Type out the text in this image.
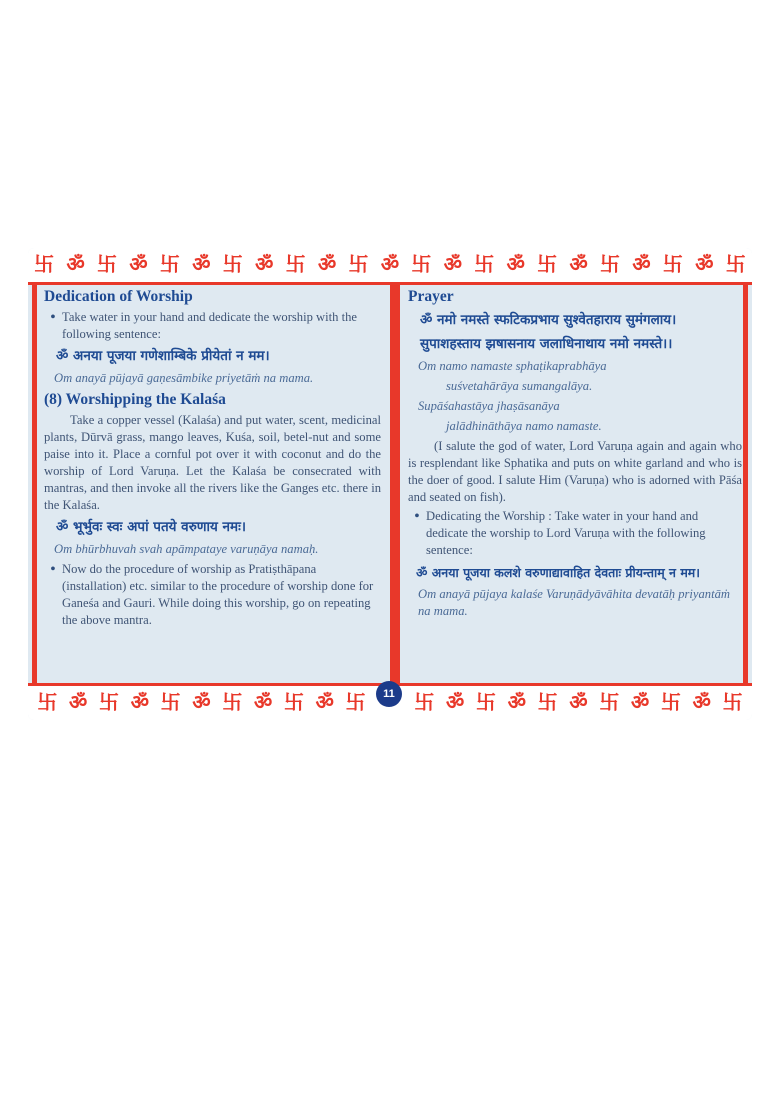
卐 ॐ 卐 ॐ 卐 ॐ 卐 ॐ 卐 ॐ 卐 ॐ 卐 ॐ 卐 ॐ 卐 ॐ 卐 ॐ 卐 ॐ 卐
Dedication of Worship
• Take water in your hand and dedicate the worship with the following sentence:
ॐ अनया पूजया गणेशाम्बिके प्रीयेतां न मम।
Om anayā pūjayā gaṇesāmbike priyetāṁ na mama.
(8) Worshipping the Kalaśa
Take a copper vessel (Kalaśa) and put water, scent, medicinal plants, Dūrvā grass, mango leaves, Kuśa, soil, betel-nut and some paise into it. Place a cornful pot over it with coconut and do the worship of Lord Varuṇa. Let the Kalaśa be consecrated with mantras, and then invoke all the rivers like the Ganges etc. there in the Kalaśa.
ॐ भूर्भुवः स्वः अपां पतये वरुणाय नमः।
Om bhūrbhuvah svah apāmpataye varuṇāya namaḥ.
• Now do the procedure of worship as Pratiṣthāpana (installation) etc. similar to the procedure of worship done for Ganeśa and Gauri. While doing this worship, go on repeating the above mantra.
Prayer
ॐ नमो नमस्ते स्फटिकप्रभाय सुश्वेतहाराय सुमंगलाय।
सुपाशहस्ताय झषासनाय जलाधिनाथाय नमो नमस्ते।।
Om namo namaste sphaṭikaprabhāya
suśvetahārāya sumangalāya.
Supāśahastāya jhaṣāsanāya
jalādhināthāya namo namaste.
(I salute the god of water, Lord Varuṇa again and again who is resplendant like Sphatika and puts on white garland and who is the doer of good. I salute Him (Varuṇa) who is adorned with Pāśa and seated on fish).
• Dedicating the Worship : Take water in your hand and dedicate the worship to Lord Varuṇa with the following sentence:
ॐ अनया पूजया कलशे वरुणाद्यावाहित देवताः प्रीयन्ताम् न मम।
Om anayā pūjaya kalaśe Varuṇādyāvāhita devatāḥ priyantāṁ na mama.
卐 ॐ 卐 ॐ 卐 ॐ 卐 ॐ 卐 ॐ 卐	11 卐 ॐ 卐 ॐ 卐 ॐ 卐 ॐ 卐 ॐ 卐
